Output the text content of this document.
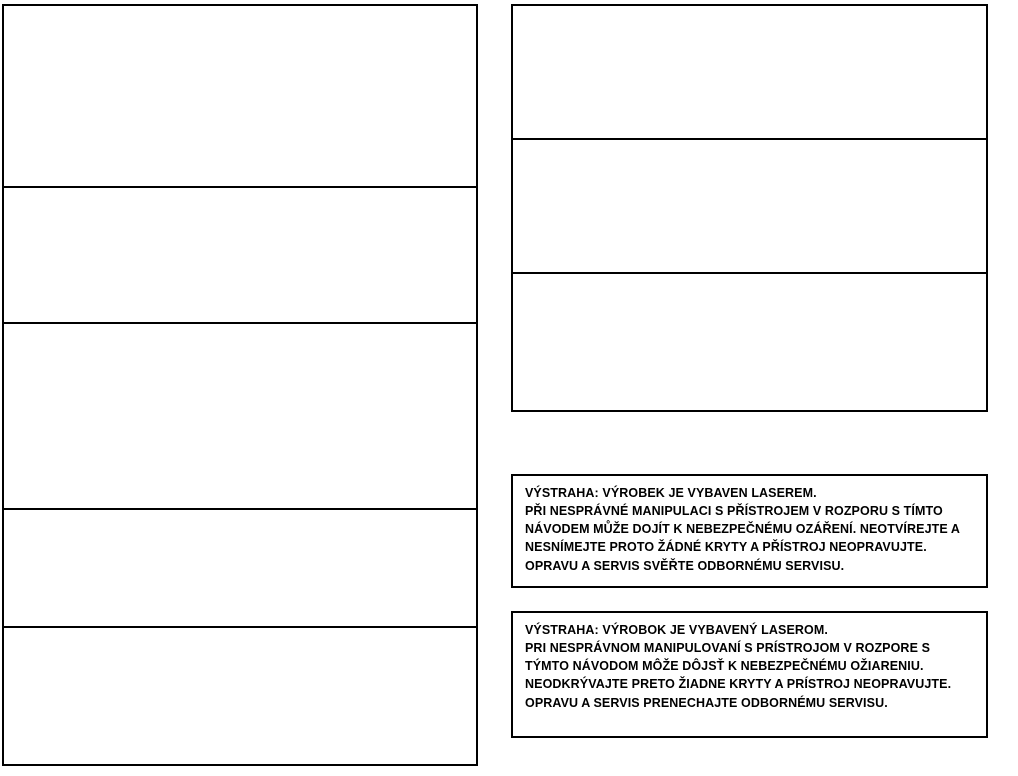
VÝSTRAHA: VÝROBEK JE VYBAVEN LASEREM.

PŘI NESPRÁVNÉ MANIPULACI S PŘÍSTROJEM V ROZPORU S TÍMTO NÁVODEM MŮŽE DOJÍT K NEBEZPEČNÉMU OZÁŘENÍ. NEOTVÍREJTE A NESNÍMEJTE PROTO ŽÁDNÉ KRYTY A PŘÍSTROJ NEOPRAVUJTE. OPRAVU A SERVIS SVĚŘTE ODBORNÉMU SERVISU.

VÝSTRAHA: VÝROBOK JE VYBAVENÝ LASEROM.

PRI NESPRÁVNOM MANIPULOVANÍ S PRÍSTROJOM V ROZPORE S TÝMTO NÁVODOM MÔŽE DÔJSŤ K NEBEZPEČNÉMU OŽIARENIU. NEODKRÝVAJTE PRETO ŽIADNE KRYTY A PRÍSTROJ NEOPRAVUJTE. OPRAVU A SERVIS PRENECHAJTE ODBORNÉMU SERVISU.
